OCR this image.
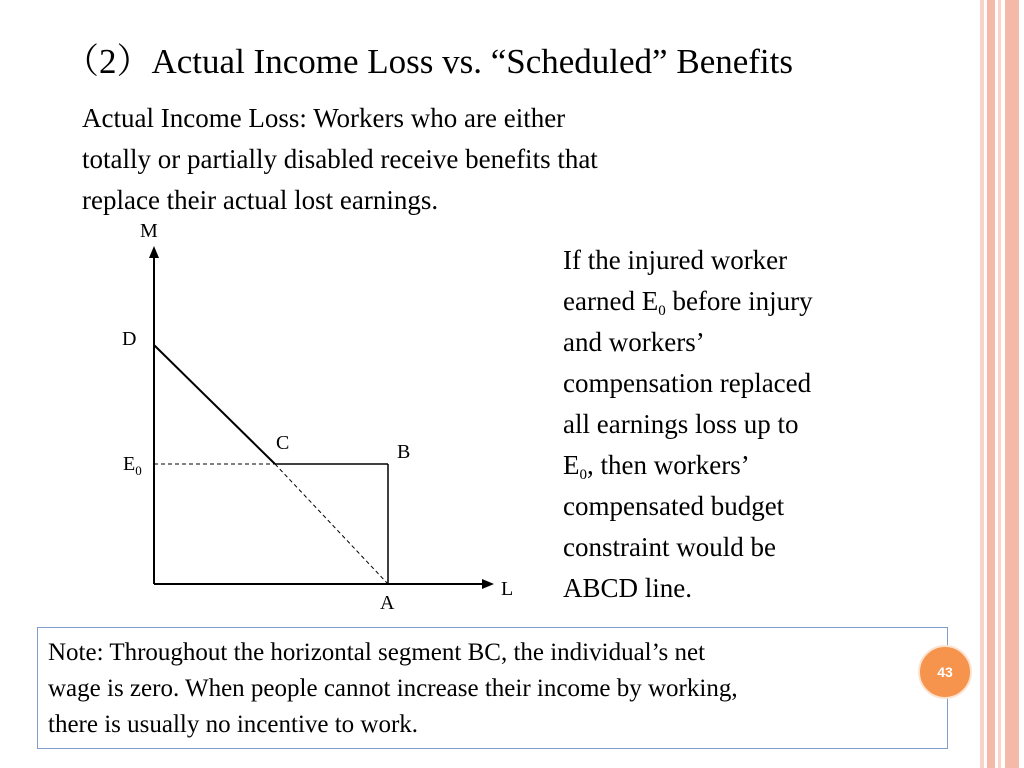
（2）Actual Income Loss vs. “Scheduled” Benefits
Actual Income Loss: Workers who are either
totally or partially disabled receive benefits that
replace their actual lost earnings.
M
L
D
C	B
A
$E_0$
If the injured worker
earned $E_0$ before injury
and workers’
compensation replaced
all earnings loss up to
$E_0$, then workers’
compensated budget
constraint would be
ABCD line.
Note: Throughout the horizontal segment BC, the individual’s net
wage is zero. When people cannot increase their income by working,
there is usually no incentive to work.
43
